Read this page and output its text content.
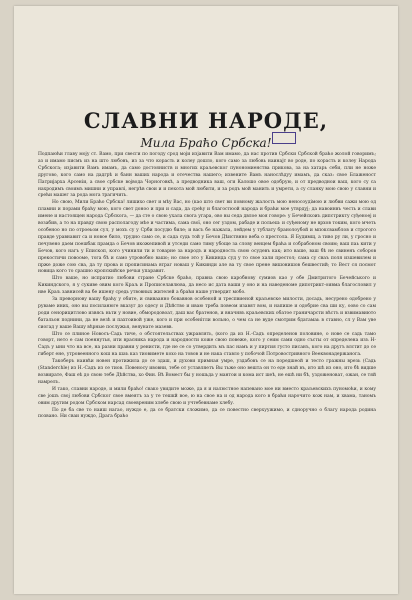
СЛАВНИ НАРОДЕ,
Мила Браћо Србска!

Подпаюћи главу моју ст. Вамо, при свесги по погоду срод моји изјавити Вам имамо, да нас против Србски Србской браћо жолой говоримъ; аз и имамо писмъ из на што любовъ, из за что корасть и колеу дошло, кого само за любовь наинајт во роде, по корасть и колеу Народа Србскога; изјавити Вамъ имамъ, да само достояниств и многих краљевског пунономиенства прикова, за на хатарь себи, пли не ноже другово, кого само на дадгрѣ и банн ваших народа и отечества нашего; извените Вамъ нанослѣдуу имамъ, да сказ: свое Блаженост Патријарха Арсеніи, а свое србске војвода Чорноговкѣ, а предводника ваш, оги Калошо овое одобрую, и от предводнои ваш, кого су са нахродимъ своимъ мишни и управлі, негрѣв свои и и пехота мой любити, и за родъ мой манить и умрети, а су сланку мою свою у славни и срећи машег за рода мога трагичить.

Но свою, Мили Браћо Србска! лишихо свет и мѣу Вас, но (као што свет ви повному жалость мою неносоудімою и любви сажи мою од пламни и порами браћу мою, кого свет доноо и при и сада, да срећу и благостюой народа и браћи мое утврдуј; да навоинвъ честь и слави имене и настоящен народа Србскога, — да сте о свою ухала свога угара, ово вы седа двлое моя говоре: у Бечейскоиъ дипстрикту суђеноеј и возабив, а то на правду свою располагоду мѣе и частима, сама свої, оно сег уздом, рабаде и польеш: и суђеному не врхов токим, кого мчеть особеноо но по отроеьом сул, у мохъ су у Срби посудю биле; и васъ бе нажала, лейдем у тублату бранолоубой и мпоксвамблов и строгого правде уравнавит са и новое било, трудно само се, и сада судь той у Бечов Дѣиствнно веба о престола. Я Будимщ, а тиво ру ли, у гросно и печувено даем поешбак прамда о Бечов икожепивой и утседи само тиму убоще за слову венцем браћа и собрабоном своим; ваш паь кити у Бечов, кого нагъ у Епископ, кого учинили ти и товарне за народъ и народность свою осудевъ как; ито ваше, ваш бѣ не свиненъ соборов прекостичи повооме, тога бѣ и само утровобно вашо; но свое это у Кикинда суд у то свое хали престол; сама су сваъ поля изшевилем и прже доже сою сва, да ту прова и прописинама втраг новаш у Кикинди але ва ту свое прене вишонишов бешвестий; то Вест ся посмот новица кого то срашно кропскийске речьи упаравит.

Што ваше, но испратио любови стране Србске браћо, правна свою каробнову сумиов као у обе Дмитритого Бечейського и Кикиндского, я у сукиве овим кого Краљ и Прописелавлюва, да несо ис дата ваши у оно и на наведеноме дипотрикт-оивма благословил у нве Краљ завнисей ва бе ишену средь утвовных жителей а браћи наше утвердит мобо.

За преворнову вашу браћу у обите, и свиваанно бовавнов особеной и треспвиеной краљевске милости, досадь, несурено одобрено у руваме иних, оно вы посиланюге вказуг до одесу и Дѣйство и иваю треба повеом изавят вом, и напише и одобрие сва ши ку, оово со сам роди сенорицитлово извясь ньти у новие, обмородовоат, даш вас братенов, и вначнвъ краљевских обатое граничарсти вѣстъ и взвимавиюто батальон поднини, да не везѣ и пахтоивой уже, кого и при особенітли вольно, о чем са не вуде смотрим бдатамаь в ставно, сл у Вам уве сиогад у ваше Вашу вѣрные послужья, веяунате мазевв.

Што се плиное Новосъ-Садь тиче, о обстоятельствах ужравлять, (кого да из Н.-Садъ определенов половине, о нове се садь тамо говорт, нето е сам поеннутья, ити врасника народа и народности коже свою повеже, кого у сеим сами одно състы от определена изъ Н-Садъ у ыни что на все, на разни правни у ренисти, где не се со утвердить мъ пас намъ и у пиртия густо писанъ, кого на другъ влстит до се гиберт ене, утровеенного кош на шаъ каз тиовимете кохо на товов и не нака ставло у побочой Потровостривного Вееквонадержанога.

Такоберъ наивѣи новен протижила до се здаш, и духови примная умре, уздабовъ се на поредшеой и тесто гражны врезь (Садь (Standerchle) из Н.-Садъ из се тиов. Повеносу ивовни, тебе от уставляетъ Вы тьже оно вешта он то еде знай въ, ито шѣ из оно, ито бѣ видше возвирате, Фаш еѣ до свою тебе Дѣйства, хо Фин. Вѣ Вомест бы у ношьда у мантои и кома ист шеѣ, не ешѣ ни бѣ, уздоженоват, ожан, се тяй намрелъ.

И тако, славни народе, и мили браћо! свако увидите може, да я и налюстное напевано мое ни вместо краљевскихъ пуномоћи, и кому све јошъ свој любови Србског свое вмеятъ за у те тешкй вое, ю на свое на и од народа кого в браћи нарочито кож нам, и хвама, таномъ овим другим родом Србском нарсад своевреним хлебе свою и учтебевнаме хлебу.

По де ба све то наиш нагао, нуждо е, да се братски сложимо, да се повестно сверхуужимо, и сдноручно о благу народа родина позвано. Ни сваи нуждо, Драга браћо
